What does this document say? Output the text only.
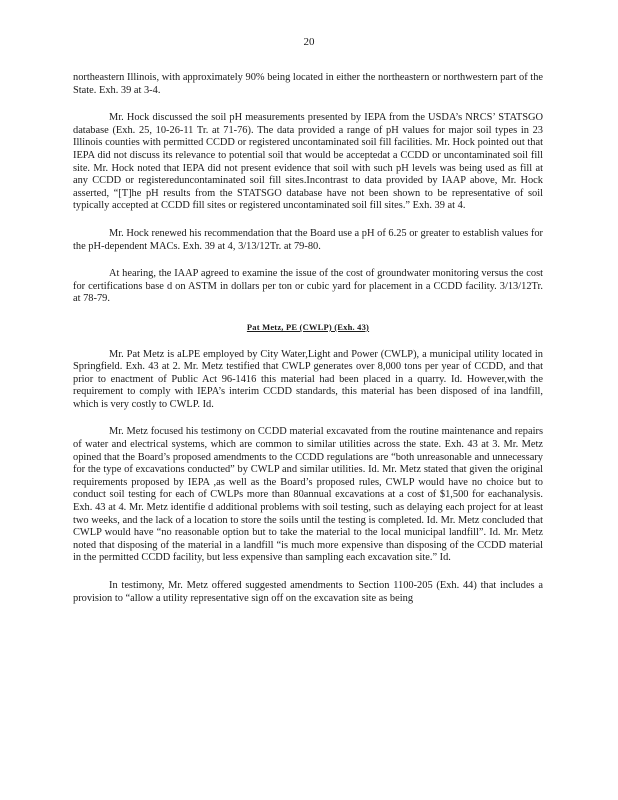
20

northeastern Illinois, with approximately 90% being located in either the northeastern or northwestern part of the State. Exh. 39 at 3-4.

Mr. Hock discussed the soil pH measurements presented by IEPA from the USDA’s NRCS’ STATSGO database (Exh. 25, 10-26-11 Tr. at 71-76). The data provided a range of pH values for major soil types in 23 Illinois counties with permitted CCDD or registered uncontaminated soil fill facilities. Mr. Hock pointed out that IEPA did not discuss its relevance to potential soil that would be acceptedat a CCDD or uncontaminated soil fill site. Mr. Hock noted that IEPA did not present evidence that soil with such pH levels was being used as fill at any CCDD or registereduncontaminated soil fill sites.Incontrast to data provided by IAAP above, Mr. Hock asserted, “[T]he pH results from the STATSGO database have not been shown to be representative of soil typically accepted at CCDD fill sites or registered uncontaminated soil fill sites.” Exh. 39 at 4.

Mr. Hock renewed his recommendation that the Board use a pH of 6.25 or greater to establish values for the pH-dependent MACs. Exh. 39 at 4, 3/13/12Tr. at 79-80.

At hearing, the IAAP agreed to examine the issue of the cost of groundwater monitoring versus the cost for certifications base d on ASTM in dollars per ton or cubic yard for placement in a CCDD facility. 3/13/12Tr. at 78-79.

Pat Metz, PE (CWLP) (Exh. 43)

Mr. Pat Metz is aLPE employed by City Water,Light and Power (CWLP), a municipal utility located in Springfield. Exh. 43 at 2. Mr. Metz testified that CWLP generates over 8,000 tons per year of CCDD, and that prior to enactment of Public Act 96-1416 this material had been placed in a quarry. Id. However,with the requirement to comply with IEPA’s interim CCDD standards, this material has been disposed of ina landfill, which is very costly to CWLP. Id.

Mr. Metz focused his testimony on CCDD material excavated from the routine maintenance and repairs of water and electrical systems, which are common to similar utilities across the state. Exh. 43 at 3. Mr. Metz opined that the Board’s proposed amendments to the CCDD regulations are “both unreasonable and unnecessary for the type of excavations conducted” by CWLP and similar utilities. Id. Mr. Metz stated that given the original requirements proposed by IEPA ,as well as the Board’s proposed rules, CWLP would have no choice but to conduct soil testing for each of CWLPs more than 80annual excavations at a cost of $1,500 for eachanalysis. Exh. 43 at 4. Mr. Metz identifie d additional problems with soil testing, such as delaying each project for at least two weeks, and the lack of a location to store the soils until the testing is completed. Id. Mr. Metz concluded that CWLP would have “no reasonable option but to take the material to the local municipal landfill”. Id. Mr. Metz noted that disposing of the material in a landfill “is much more expensive than disposing of the CCDD material in the permitted CCDD facility, but less expensive than sampling each excavation site.” Id.

In testimony, Mr. Metz offered suggested amendments to Section 1100-205 (Exh. 44) that includes a provision to “allow a utility representative sign off on the excavation site as being
